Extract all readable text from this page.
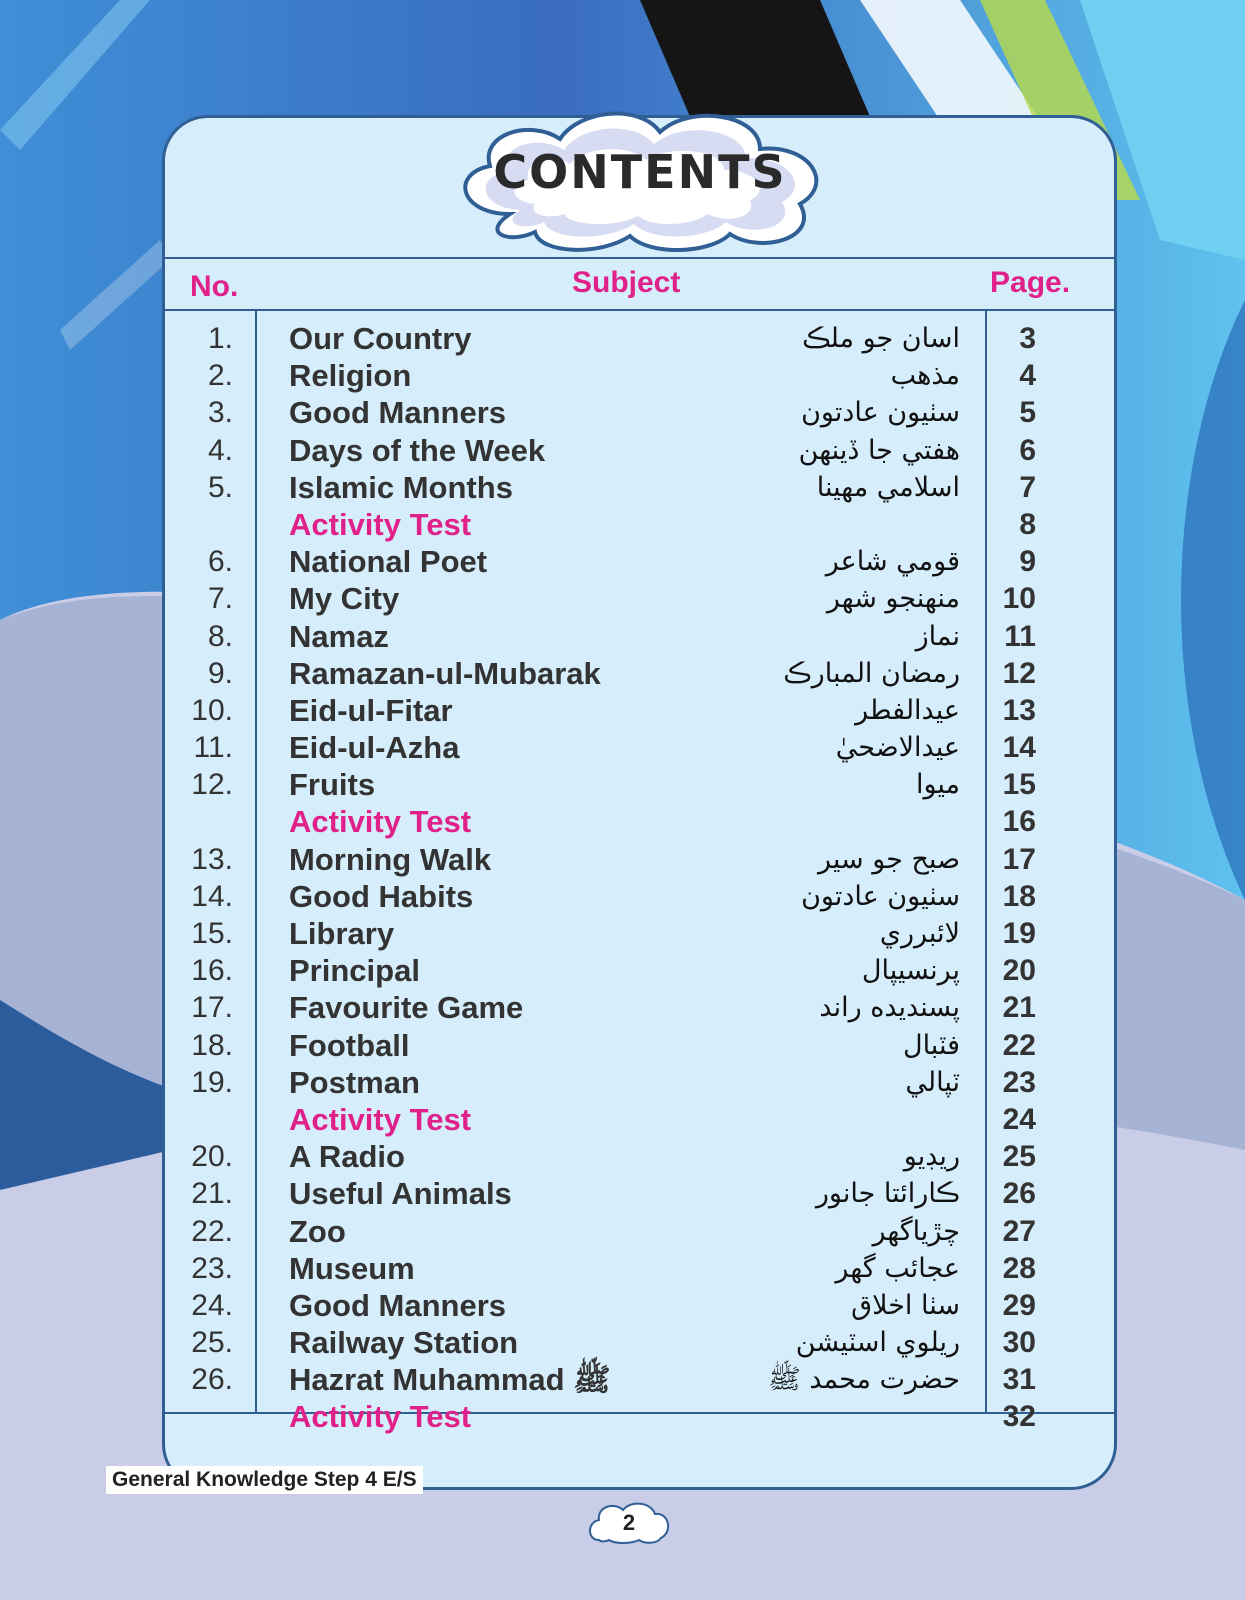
CONTENTS
No.	Subject	Page.
1. Our Country	اسان جو ملڪ	3
2. Religion	مذهب	4
3. Good Manners	سٺيون عادتون	5
4. Days of the Week	هفتي جا ڏينهن	6
5. Islamic Months	اسلامي مهينا	7
Activity Test	8
6. National Poet	قومي شاعر	9
7. My City	منهنجو شهر	10
8. Namaz	نماز	11
9. Ramazan-ul-Mubarak	رمضان المبارڪ	12
10. Eid-ul-Fitar	عيدالفطر	13
11. Eid-ul-Azha	عيدالاضحيٰ	14
12. Fruits	ميوا	15
Activity Test	16
13. Morning Walk	صبح جو سير	17
14. Good Habits	سٺيون عادتون	18
15. Library	لائبرري	19
16. Principal	پرنسيپال	20
17. Favourite Game	پسنديده راند	21
18. Football	فٽبال	22
19. Postman	ٽپالي	23
Activity Test	24
20. A Radio	ريڊيو	25
21. Useful Animals	ڪارائتا جانور	26
22. Zoo	چڙياگهر	27
23. Museum	عجائب گهر	28
24. Good Manners	سٺا اخلاق	29
25. Railway Station	ريلوي اسٽيشن	30
26. Hazrat Muhammad ﷺ	حضرت محمد ﷺ	31
Activity Test	32
General Knowledge Step 4 E/S
2
